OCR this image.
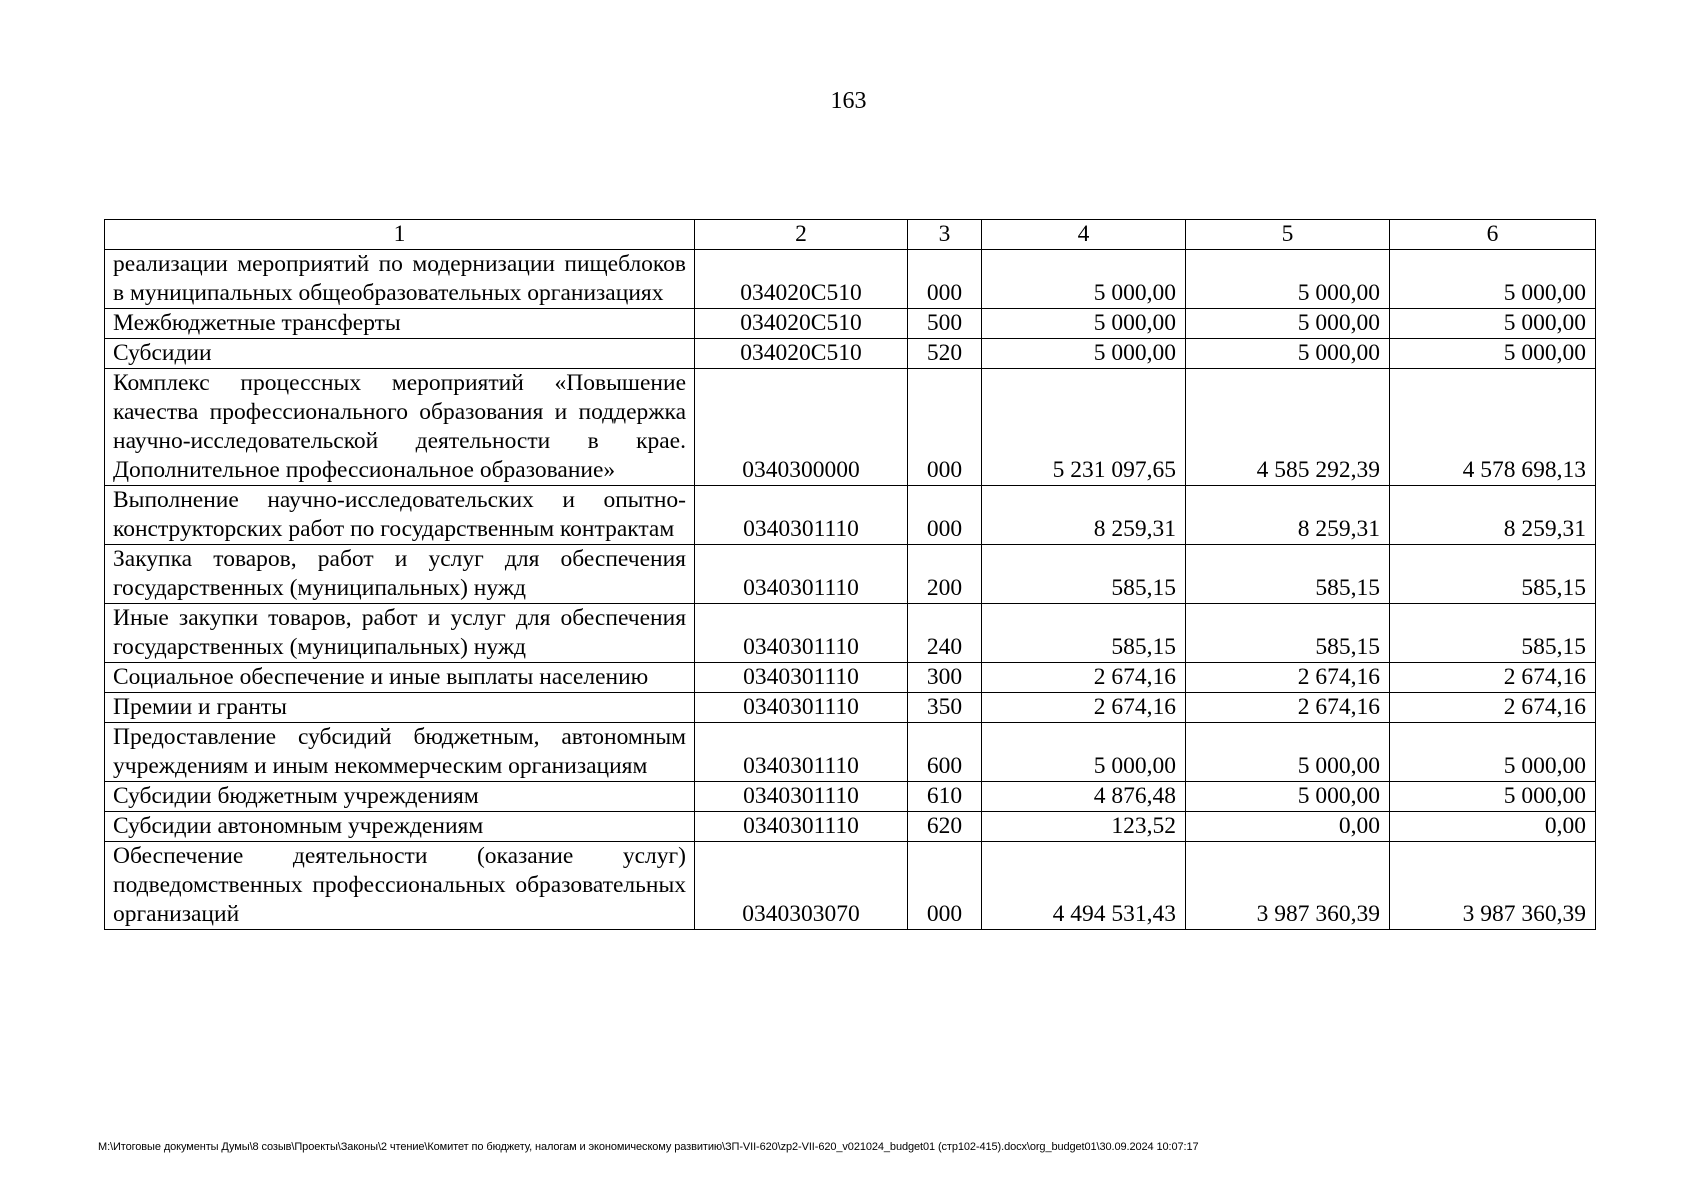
163
1	2	3	4	5	6
реализации мероприятий по модернизации пищеблоков в муниципальных общеобразовательных организациях	034020С510	000	5 000,00	5 000,00	5 000,00
Межбюджетные трансферты	034020С510	500	5 000,00	5 000,00	5 000,00
Субсидии	034020С510	520	5 000,00	5 000,00	5 000,00
Комплекс процессных мероприятий «Повышение качества профессионального образования и поддержка научно-исследовательской деятельности в крае. Дополнительное профессиональное образование»	0340300000	000	5 231 097,65	4 585 292,39	4 578 698,13
Выполнение научно-исследовательских и опытно-конструкторских работ по государственным контрактам	0340301110	000	8 259,31	8 259,31	8 259,31
Закупка товаров, работ и услуг для обеспечения государственных (муниципальных) нужд	0340301110	200	585,15	585,15	585,15
Иные закупки товаров, работ и услуг для обеспечения государственных (муниципальных) нужд	0340301110	240	585,15	585,15	585,15
Социальное обеспечение и иные выплаты населению	0340301110	300	2 674,16	2 674,16	2 674,16
Премии и гранты	0340301110	350	2 674,16	2 674,16	2 674,16
Предоставление субсидий бюджетным, автономным учреждениям и иным некоммерческим организациям	0340301110	600	5 000,00	5 000,00	5 000,00
Субсидии бюджетным учреждениям	0340301110	610	4 876,48	5 000,00	5 000,00
Субсидии автономным учреждениям	0340301110	620	123,52	0,00	0,00
Обеспечение деятельности (оказание услуг) подведомственных профессиональных образовательных организаций	0340303070	000	4 494 531,43	3 987 360,39	3 987 360,39
M:\Итоговые документы Думы\8 созыв\Проекты\Законы\2 чтение\Комитет по бюджету, налогам и экономическому развитию\ЗП-VII-620\zp2-VII-620_v021024_budget01 (стр102-415).docx\org_budget01\30.09.2024 10:07:17
